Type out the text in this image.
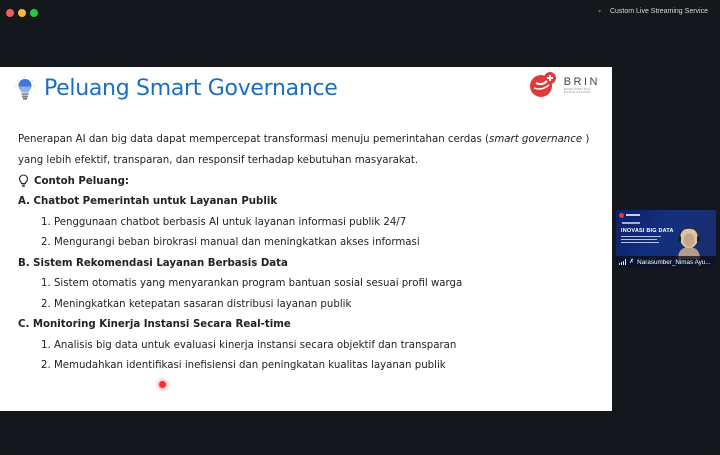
▾	Custom Live Streaming Service
Peluang Smart Governance	BRIN
BADAN RISET DAN INOVASI NASIONAL

Penerapan AI dan big data dapat mempercepat transformasi menuju pemerintahan cerdas (smart governance ) yang lebih efektif, transparan, dan responsif terhadap kebutuhan masyarakat.

Contoh Peluang:
A. Chatbot Pemerintah untuk Layanan Publik
1. Penggunaan chatbot berbasis AI untuk layanan informasi publik 24/7
2. Mengurangi beban birokrasi manual dan meningkatkan akses informasi
B. Sistem Rekomendasi Layanan Berbasis Data
1. Sistem otomatis yang menyarankan program bantuan sosial sesuai profil warga
2. Meningkatkan ketepatan sasaran distribusi layanan publik
C. Monitoring Kinerja Instansi Secara Real-time
1. Analisis big data untuk evaluasi kinerja instansi secara objektif dan transparan
2. Memudahkan identifikasi inefisiensi dan peningkatan kualitas layanan publik
INOVASI BIG DATA
✗ Narasumber_Nimas Ayu...
